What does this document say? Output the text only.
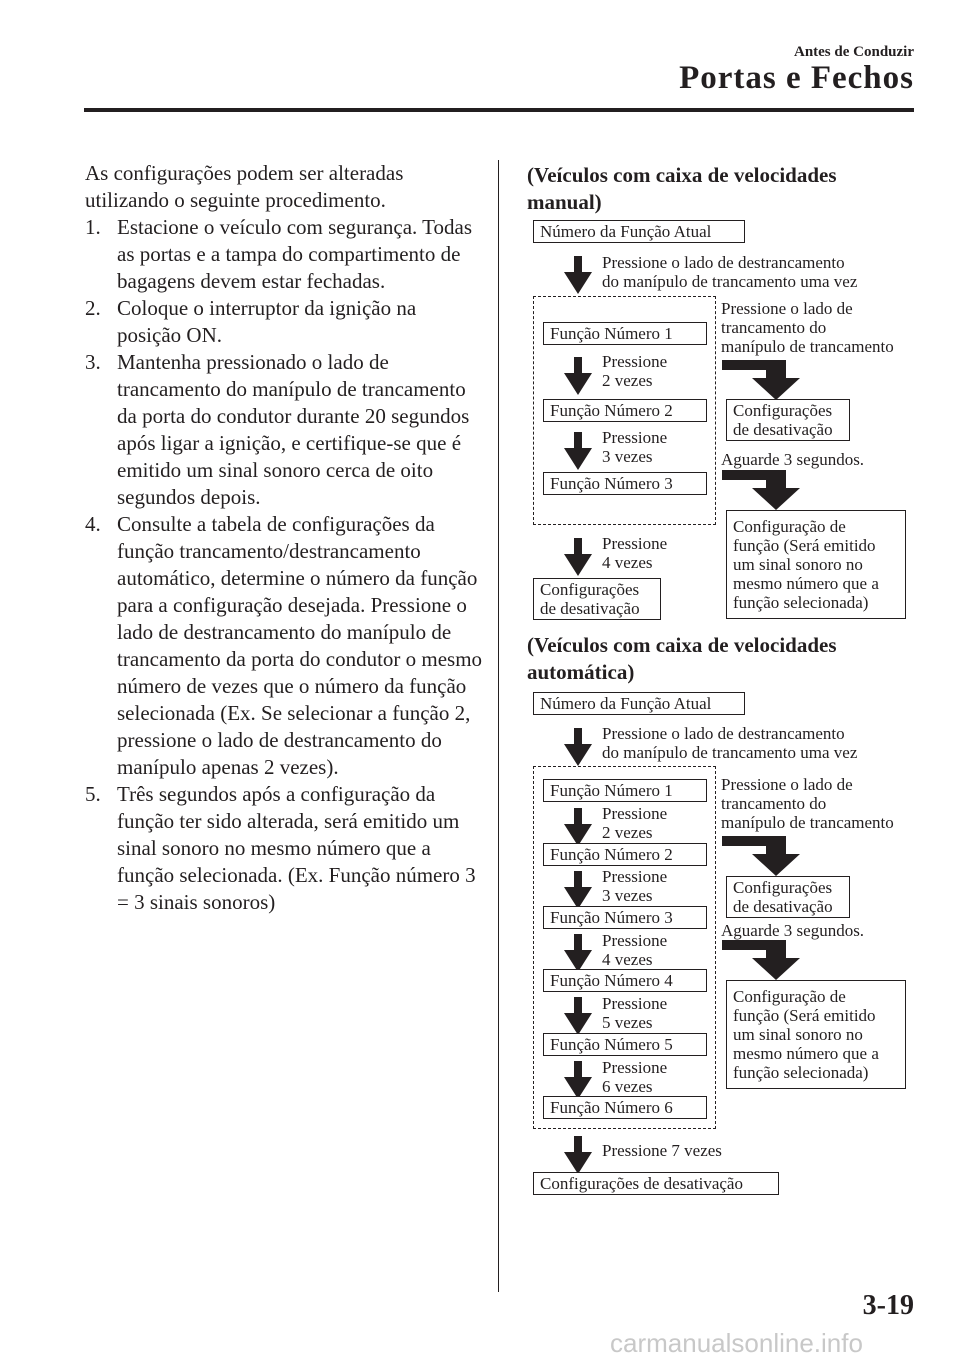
Antes de Conduzir
Portas e Fechos

As configurações podem ser alteradas utilizando o seguinte procedimento.

1. Estacione o veículo com segurança. Todas as portas e a tampa do compartimento de bagagens devem estar fechadas.
2. Coloque o interruptor da ignição na posição ON.
3. Mantenha pressionado o lado de trancamento do manípulo de trancamento da porta do condutor durante 20 segundos após ligar a ignição, e certifique-se que é emitido um sinal sonoro cerca de oito segundos depois.
4. Consulte a tabela de configurações da função trancamento/destrancamento automático, determine o número da função para a configuração desejada. Pressione o lado de destrancamento do manípulo de trancamento da porta do condutor o mesmo número de vezes que o número da função selecionada (Ex. Se selecionar a função 2, pressione o lado de destrancamento do manípulo apenas 2 vezes).
5. Três segundos após a configuração da função ter sido alterada, será emitido um sinal sonoro no mesmo número que a função selecionada. (Ex. Função número 3 = 3 sinais sonoros)
(Veículos com caixa de velocidades
manual)
Número da Função Atual
Pressione o lado de destrancamento
do manípulo de trancamento uma vez
Função Número 1
Pressione
2 vezes
Função Número 2
Pressione
3 vezes
Função Número 3
Pressione o lado de
trancamento do
manípulo de trancamento
Configurações
de desativação
Aguarde 3 segundos.
Configuração de
função (Será emitido
um sinal sonoro no
mesmo número que a
função selecionada)
Pressione
4 vezes
Configurações
de desativação
(Veículos com caixa de velocidades
automática)
Número da Função Atual
Pressione o lado de destrancamento
do manípulo de trancamento uma vez
Função Número 1
Pressione
2 vezes
Função Número 2
Pressione
3 vezes
Função Número 3
Pressione
4 vezes
Função Número 4
Pressione
5 vezes
Função Número 5
Pressione
6 vezes
Função Número 6
Pressione o lado de
trancamento do
manípulo de trancamento
Configurações
de desativação
Aguarde 3 segundos.
Configuração de
função (Será emitido
um sinal sonoro no
mesmo número que a
função selecionada)
Pressione 7 vezes
Configurações de desativação
3-19
carmanualsonline.info
